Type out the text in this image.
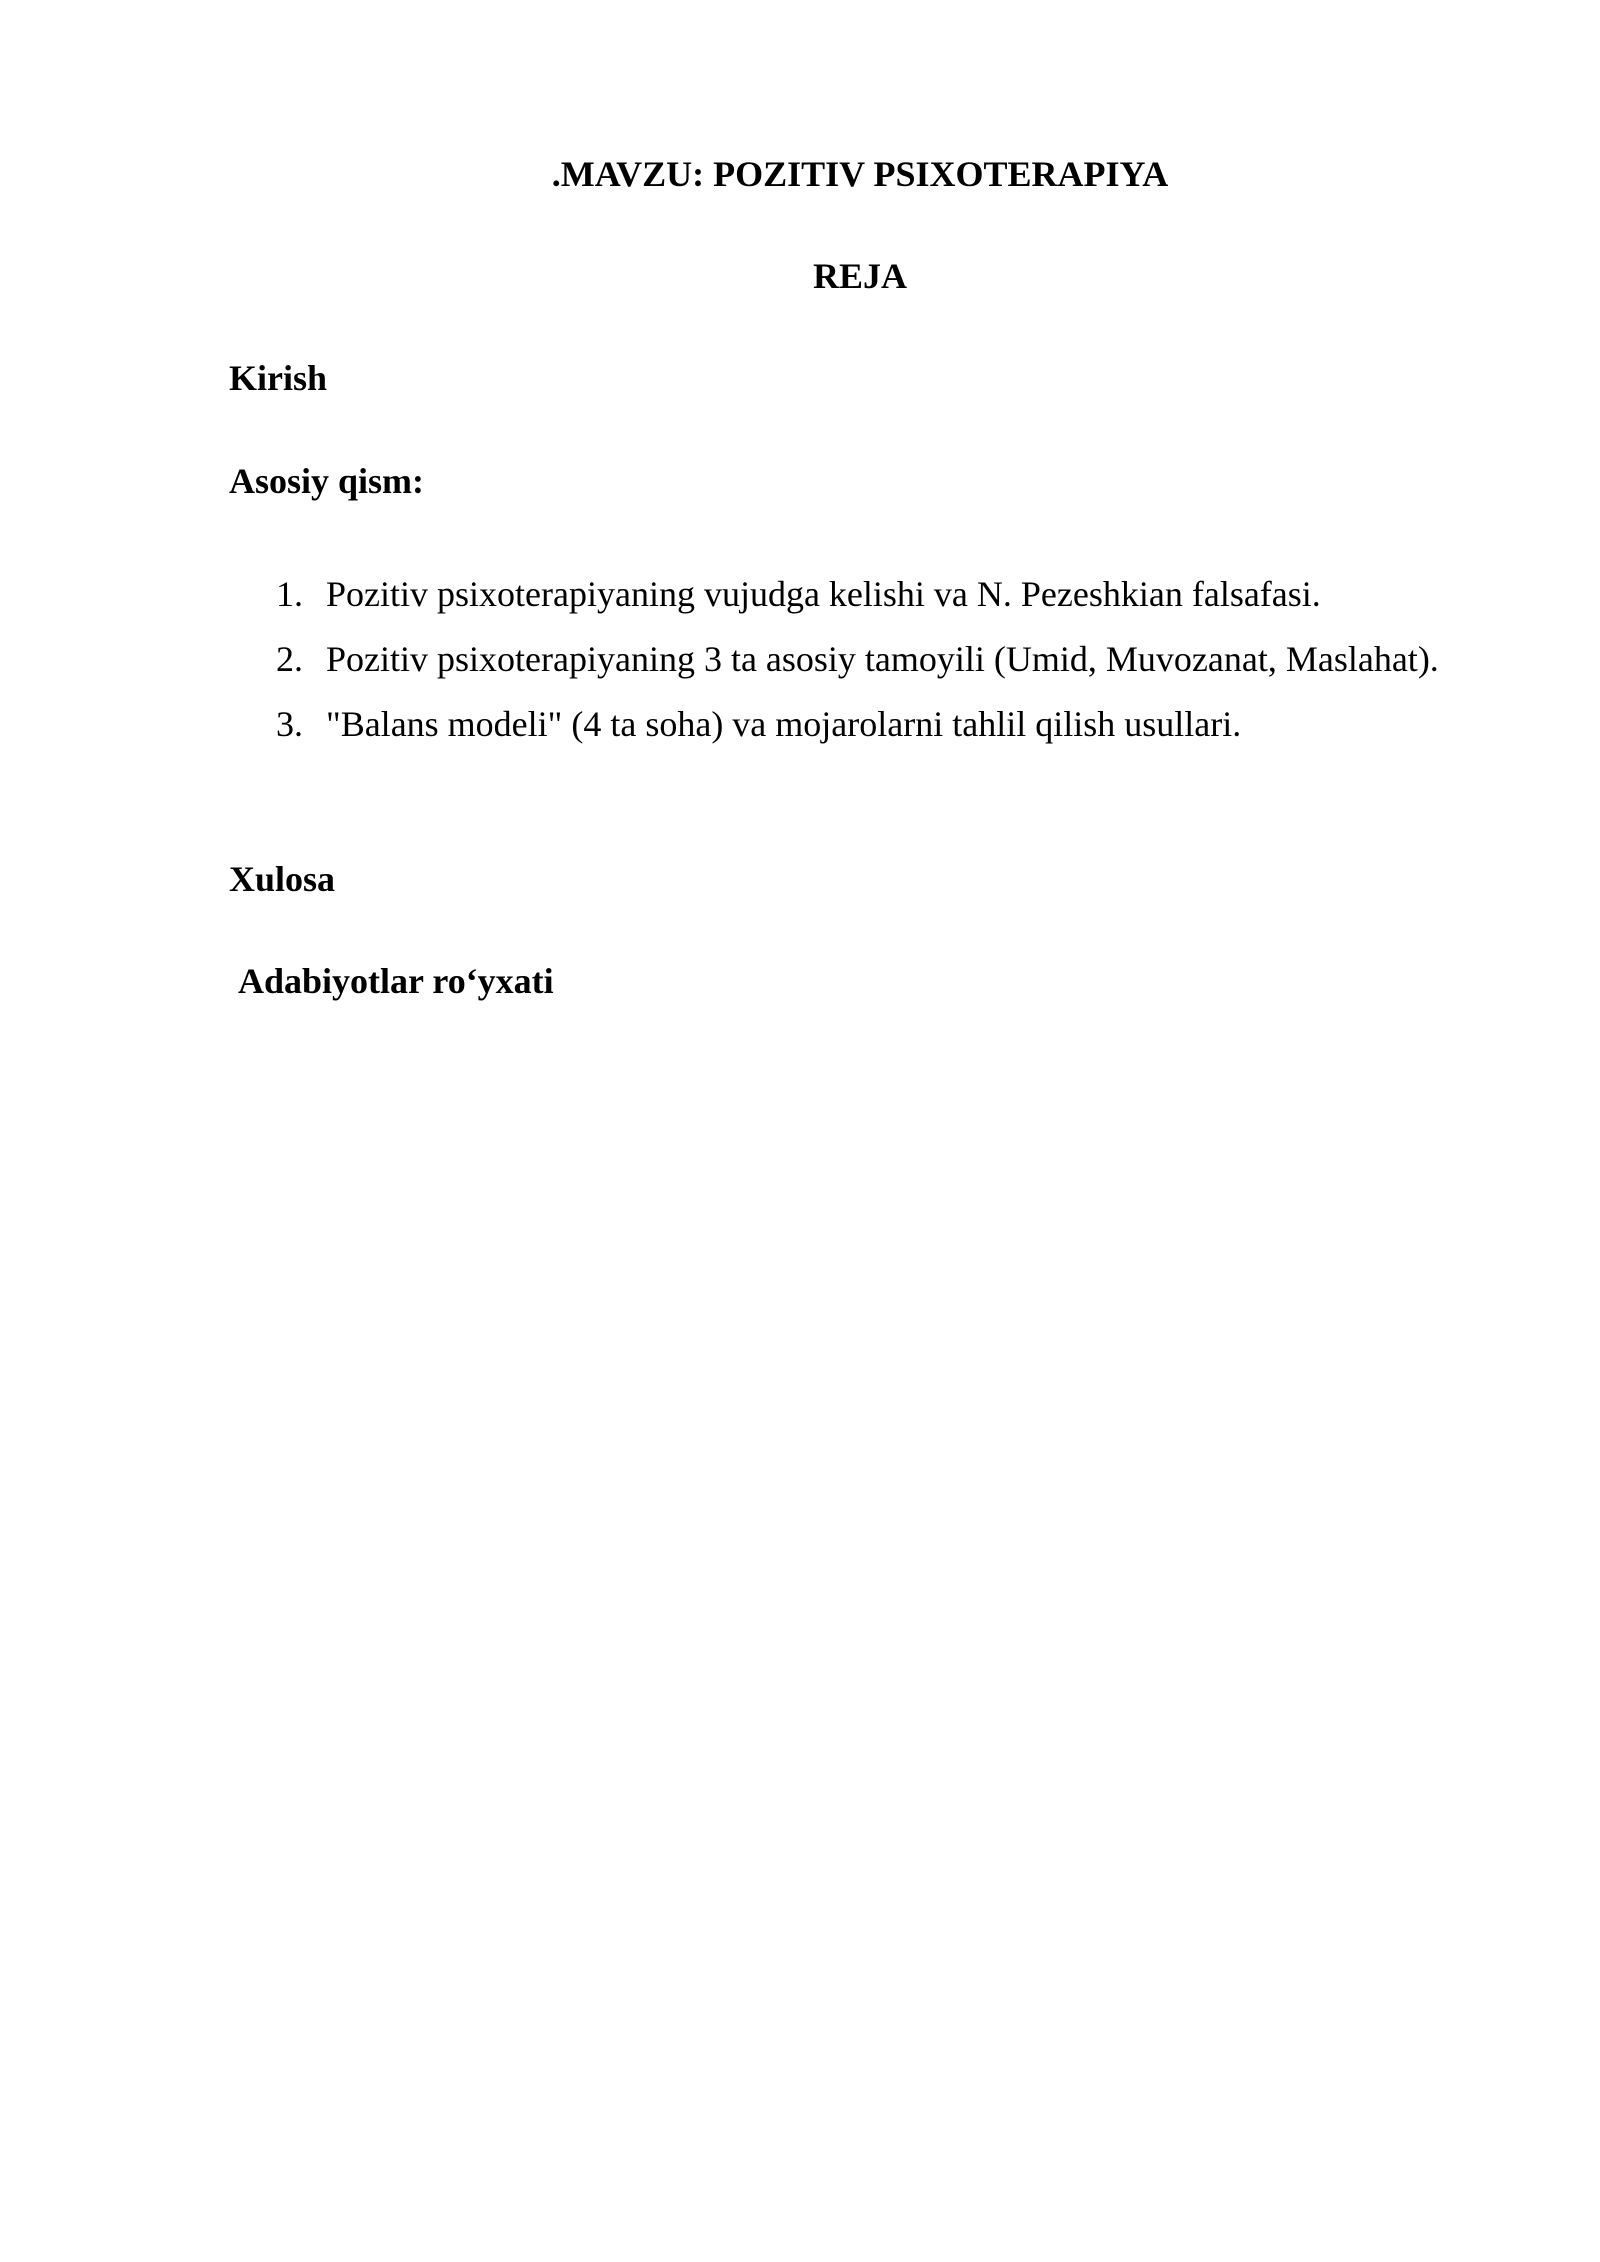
.MAVZU: POZITIV PSIXOTERAPIYA
REJA
Kirish
Asosiy qism:
1. Pozitiv psixoterapiyaning vujudga kelishi va N. Pezeshkian falsafasi.
2. Pozitiv psixoterapiyaning 3 ta asosiy tamoyili (Umid, Muvozanat, Maslahat).
3. "Balans modeli" (4 ta soha) va mojarolarni tahlil qilish usullari.
Xulosa
Adabiyotlar ro‘yxati
